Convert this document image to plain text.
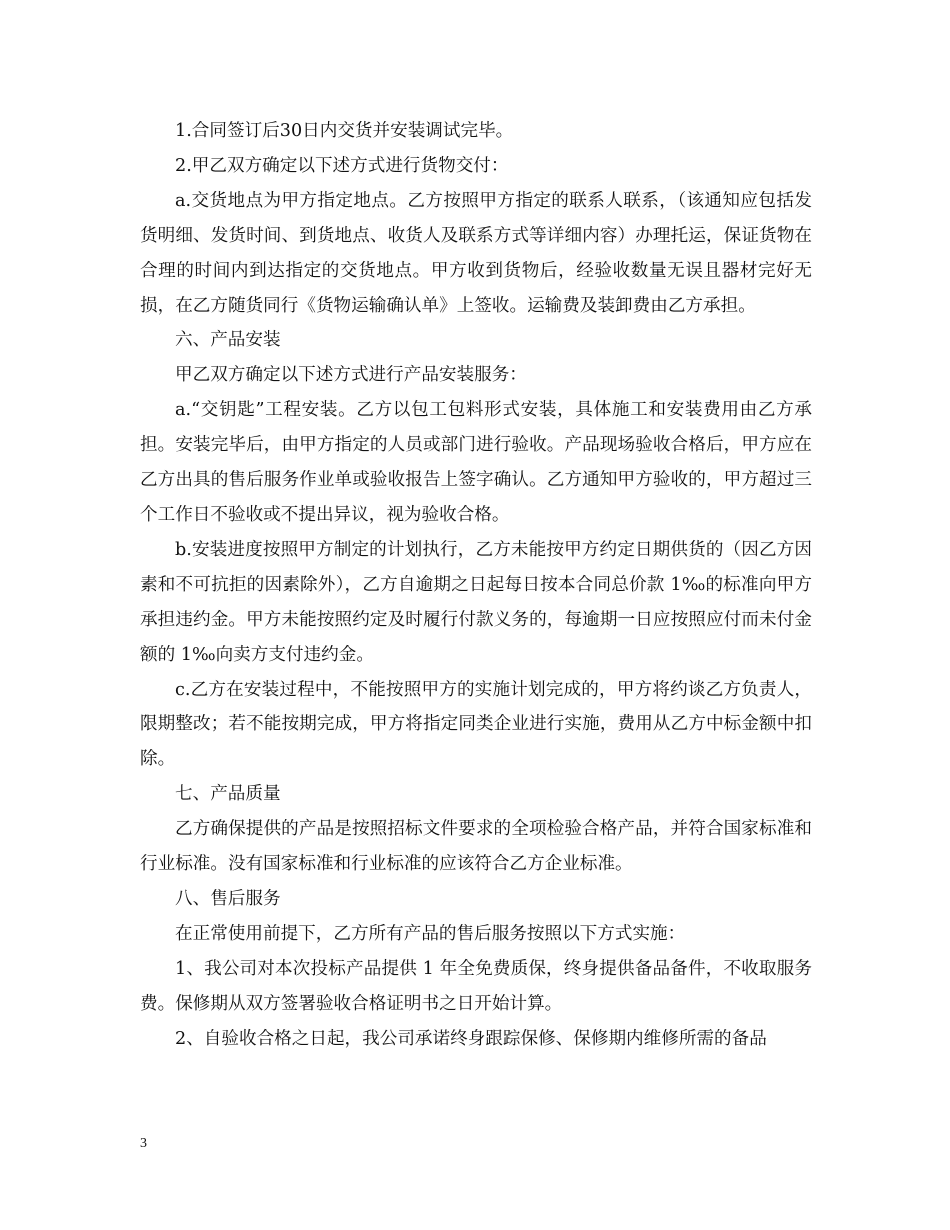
1.合同签订后30日内交货并安装调试完毕。

2.甲乙双方确定以下述方式进行货物交付：

a.交货地点为甲方指定地点。乙方按照甲方指定的联系人联系，（该通知应包括发货明细、发货时间、到货地点、收货人及联系方式等详细内容）办理托运，保证货物在合理的时间内到达指定的交货地点。甲方收到货物后，经验收数量无误且器材完好无损，在乙方随货同行《货物运输确认单》上签收。运输费及装卸费由乙方承担。

六、产品安装

甲乙双方确定以下述方式进行产品安装服务：

a.“交钥匙”工程安装。乙方以包工包料形式安装，具体施工和安装费用由乙方承担。安装完毕后，由甲方指定的人员或部门进行验收。产品现场验收合格后，甲方应在乙方出具的售后服务作业单或验收报告上签字确认。乙方通知甲方验收的，甲方超过三个工作日不验收或不提出异议，视为验收合格。

b.安装进度按照甲方制定的计划执行，乙方未能按甲方约定日期供货的（因乙方因素和不可抗拒的因素除外），乙方自逾期之日起每日按本合同总价款 1‰的标准向甲方承担违约金。甲方未能按照约定及时履行付款义务的，每逾期一日应按照应付而未付金额的 1‰向卖方支付违约金。

c.乙方在安装过程中，不能按照甲方的实施计划完成的，甲方将约谈乙方负责人，限期整改；若不能按期完成，甲方将指定同类企业进行实施，费用从乙方中标金额中扣除。

七、产品质量

乙方确保提供的产品是按照招标文件要求的全项检验合格产品，并符合国家标准和行业标准。没有国家标准和行业标准的应该符合乙方企业标准。

八、售后服务

在正常使用前提下，乙方所有产品的售后服务按照以下方式实施：

1、我公司对本次投标产品提供 1 年全免费质保，终身提供备品备件，不收取服务费。保修期从双方签署验收合格证明书之日开始计算。

2、自验收合格之日起，我公司承诺终身跟踪保修、保修期内维修所需的备品

3
